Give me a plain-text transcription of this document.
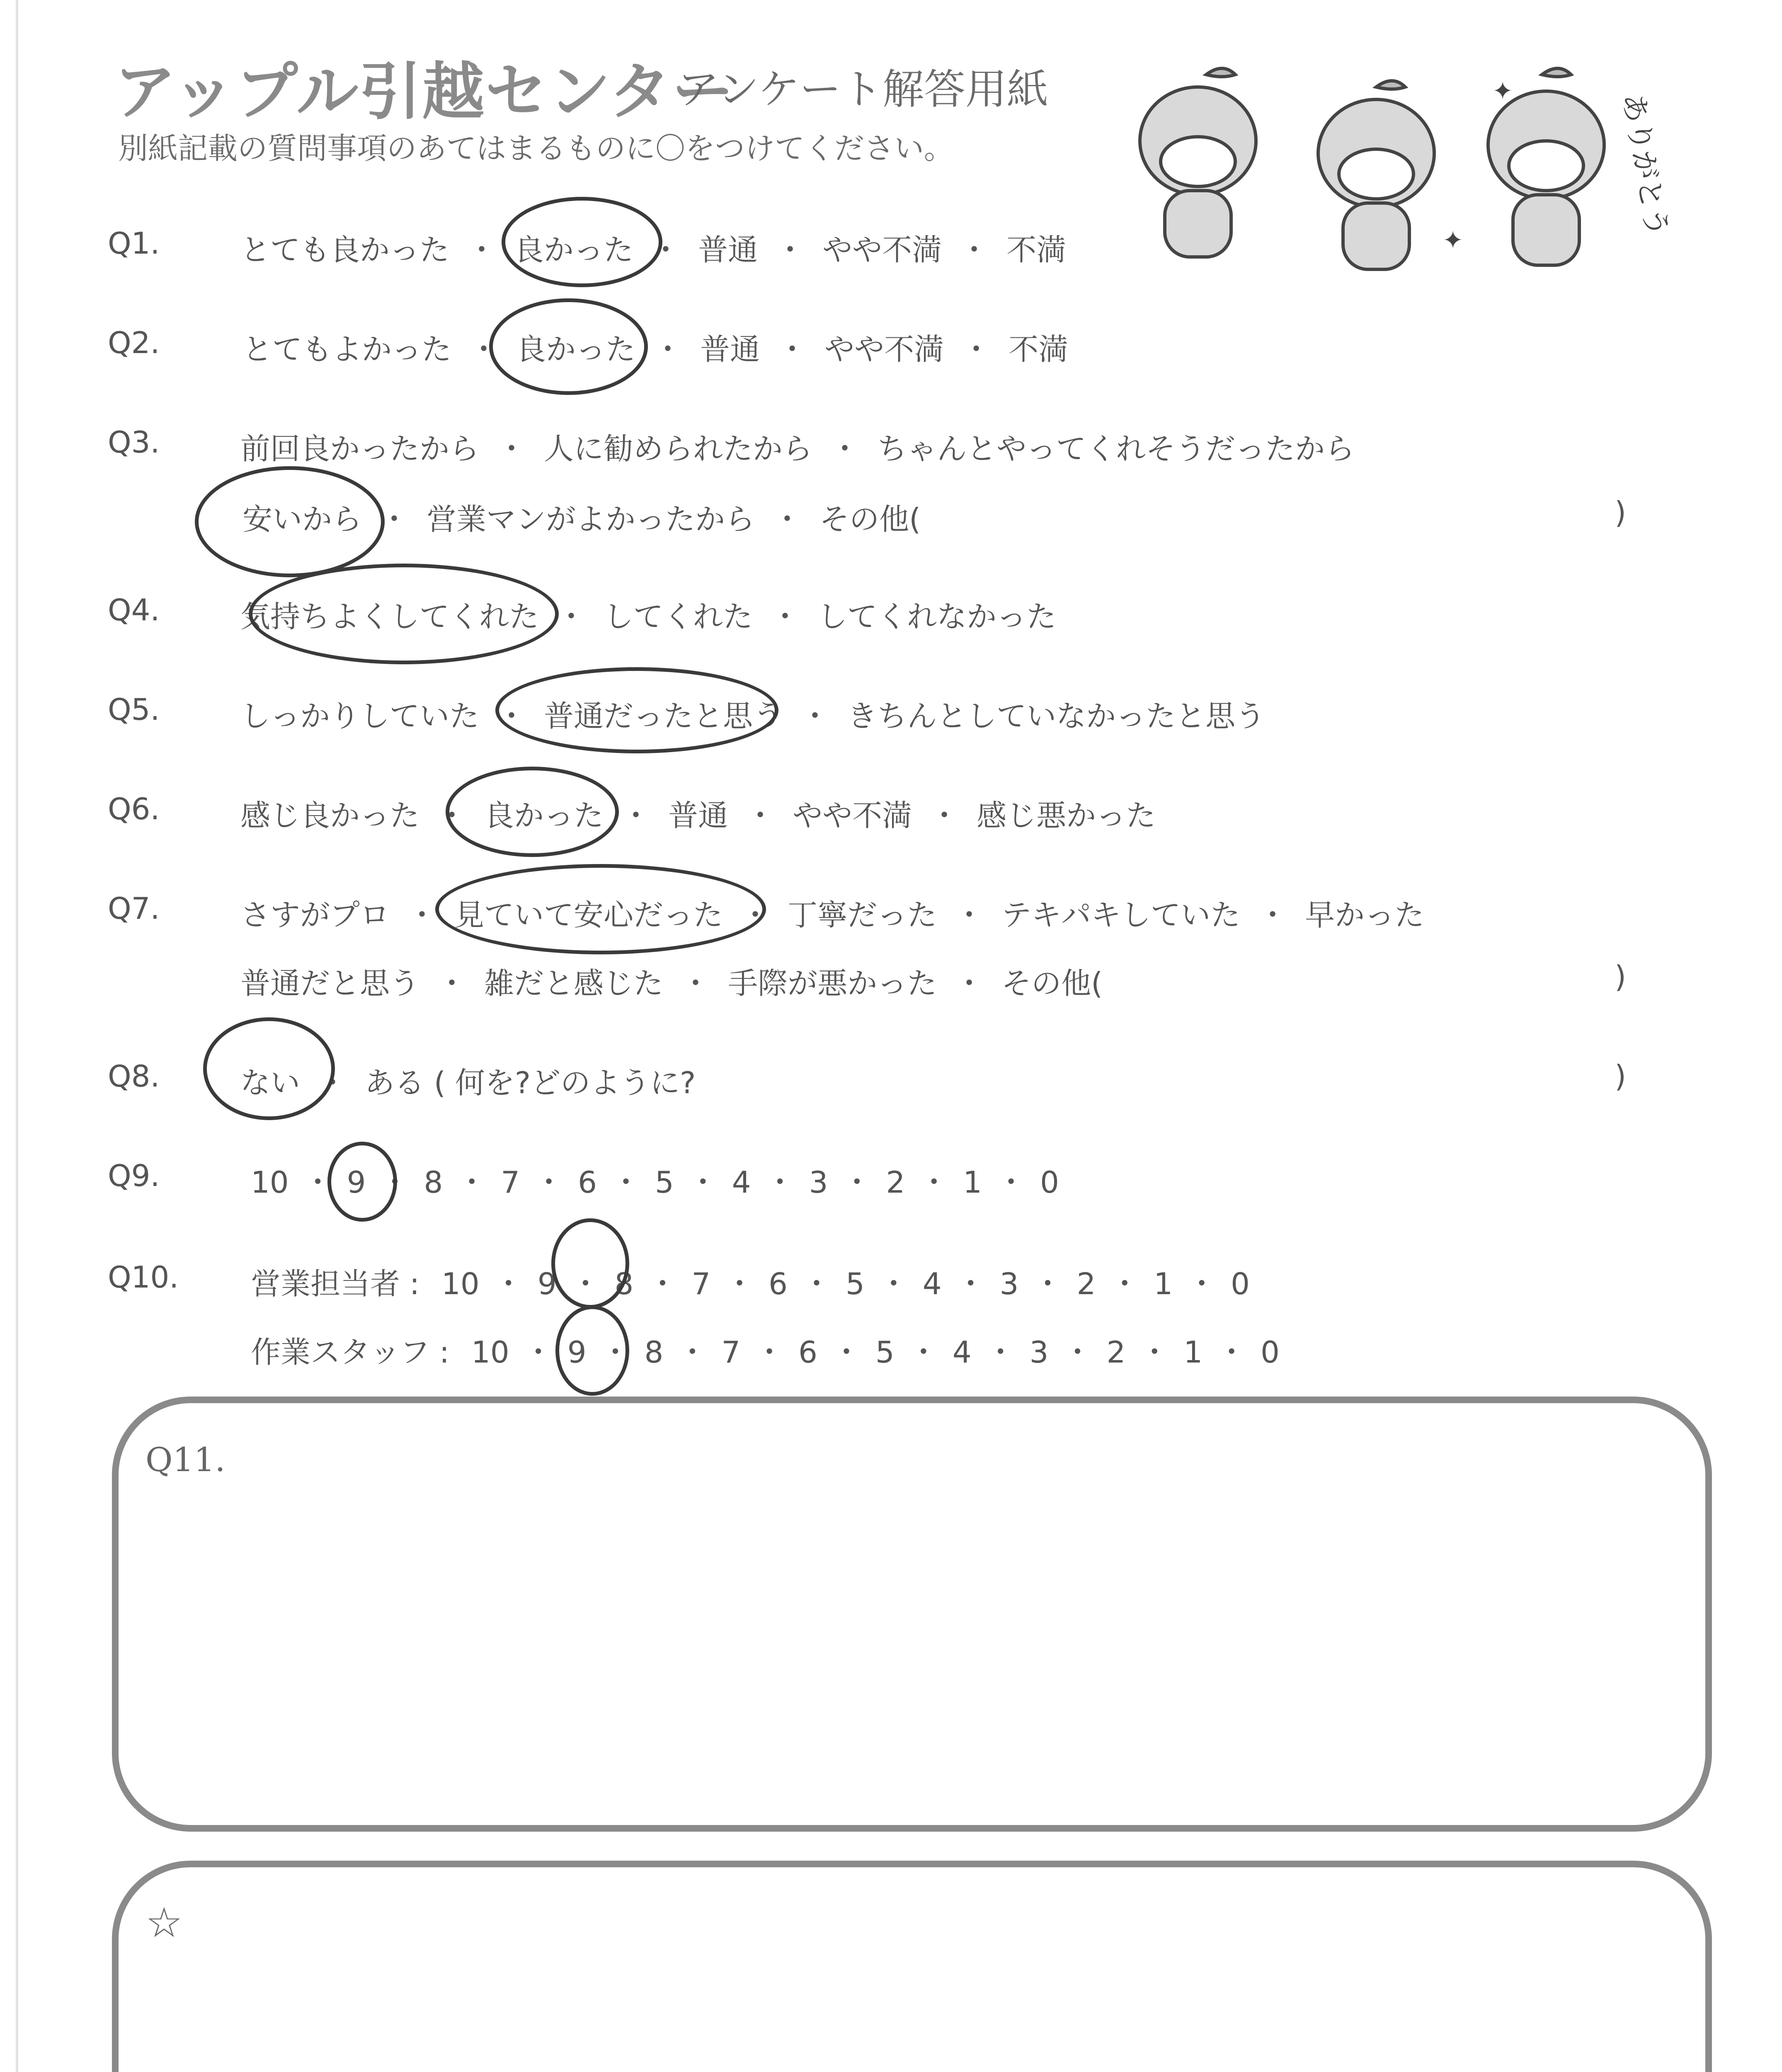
アップル引越センター
アンケート解答用紙
別紙記載の質問事項のあてはまるものに〇をつけてください。	ありがとう
✦
✦
Q1.	とても良かった ・ 良かった ・ 普通 ・ やや不満 ・ 不満
Q2.	とてもよかった ・ 良かった ・ 普通 ・ やや不満 ・ 不満
Q3.	前回良かったから ・ 人に勧められたから ・ ちゃんとやってくれそうだったから
安いから ・ 営業マンがよかったから ・ その他(	)
Q4.	気持ちよくしてくれた ・ してくれた ・ してくれなかった
Q5.	しっかりしていた ・ 普通だったと思う ・ きちんとしていなかったと思う
Q6.	感じ良かった ・ 良かった ・ 普通 ・ やや不満 ・ 感じ悪かった
Q7.	さすがプロ ・ 見ていて安心だった ・ 丁寧だった ・ テキパキしていた ・ 早かった
普通だと思う ・ 雑だと感じた ・ 手際が悪かった ・ その他(	)
Q8.	ない ・ ある ( 何を?どのように?	)
Q9.	10 ・ 9 ・ 8 ・ 7 ・ 6 ・ 5 ・ 4 ・ 3 ・ 2 ・ 1 ・ 0
Q10. 営業担当者 : 10 ・ 9 ・ 8 ・ 7 ・ 6 ・ 5 ・ 4 ・ 3 ・ 2 ・ 1 ・ 0
作業スタッフ : 10 ・ 9 ・ 8 ・ 7 ・ 6 ・ 5 ・ 4 ・ 3 ・ 2 ・ 1 ・ 0
Q11.
☆
